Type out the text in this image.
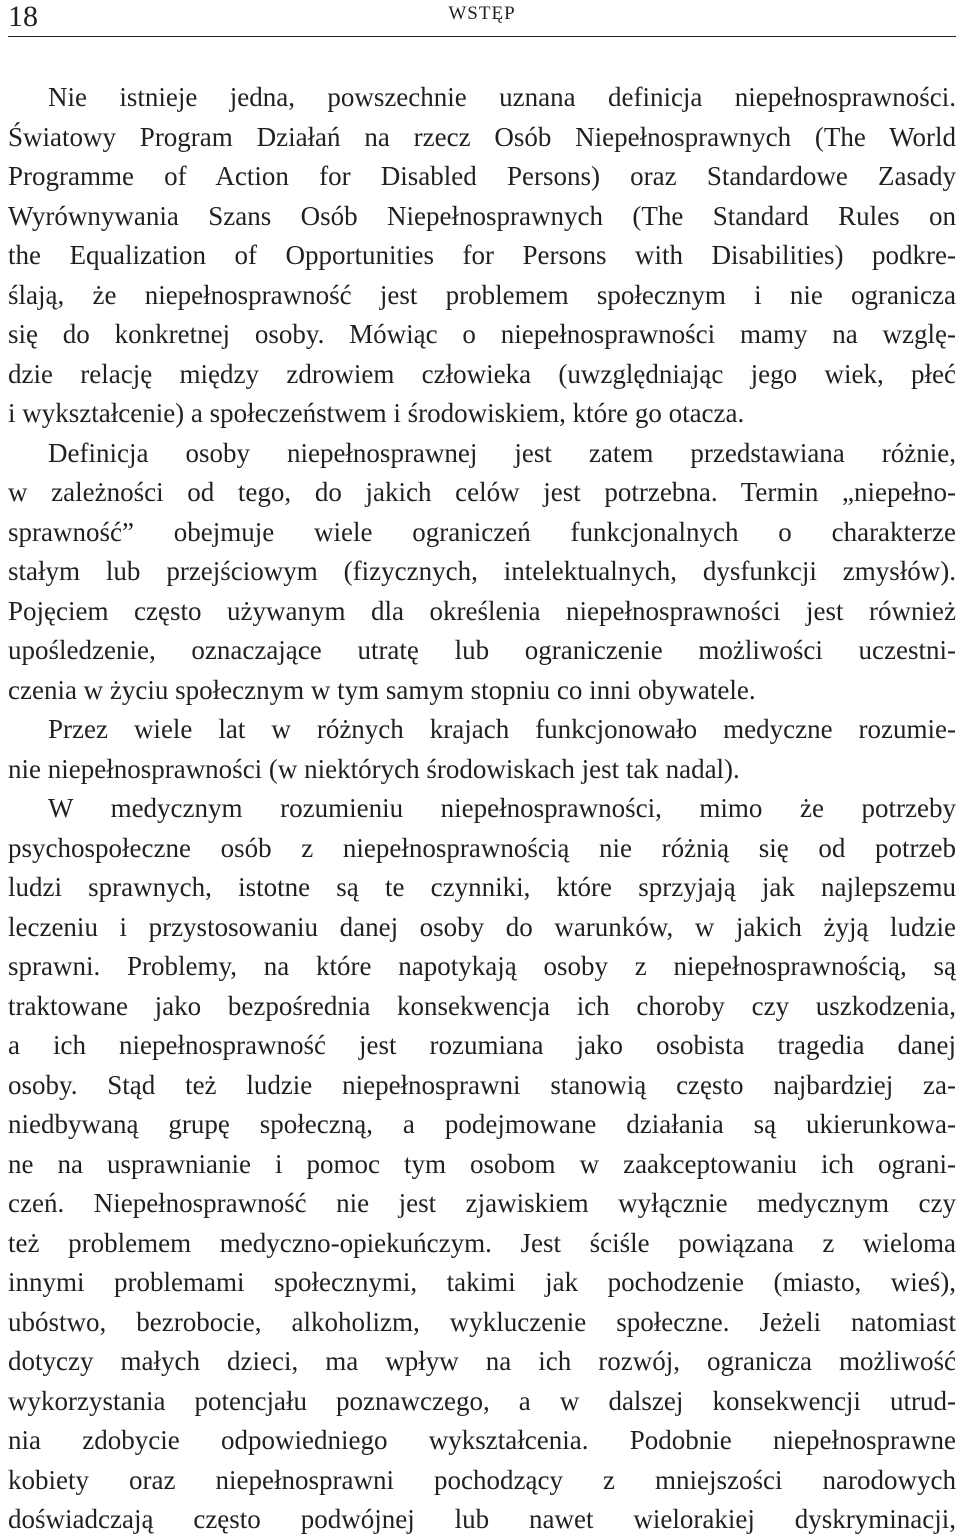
18	WSTĘP
Nie istnieje jedna, powszechnie uznana definicja niepełnosprawności.
Światowy Program Działań na rzecz Osób Niepełnosprawnych (The World
Programme of Action for Disabled Persons) oraz Standardowe Zasady
Wyrównywania Szans Osób Niepełnosprawnych (The Standard Rules on
the Equalization of Opportunities for Persons with Disabilities) podkre-
ślają, że niepełnosprawność jest problemem społecznym i nie ogranicza
się do konkretnej osoby. Mówiąc o niepełnosprawności mamy na wzglę-
dzie relację między zdrowiem człowieka (uwzględniając jego wiek, płeć
i wykształcenie) a społeczeństwem i środowiskiem, które go otacza.
Definicja osoby niepełnosprawnej jest zatem przedstawiana różnie,
w zależności od tego, do jakich celów jest potrzebna. Termin „niepełno-
sprawność” obejmuje wiele ograniczeń funkcjonalnych o charakterze
stałym lub przejściowym (fizycznych, intelektualnych, dysfunkcji zmysłów).
Pojęciem często używanym dla określenia niepełnosprawności jest również
upośledzenie, oznaczające utratę lub ograniczenie możliwości uczestni-
czenia w życiu społecznym w tym samym stopniu co inni obywatele.
Przez wiele lat w różnych krajach funkcjonowało medyczne rozumie-
nie niepełnosprawności (w niektórych środowiskach jest tak nadal).
W medycznym rozumieniu niepełnosprawności, mimo że potrzeby
psychospołeczne osób z niepełnosprawnością nie różnią się od potrzeb
ludzi sprawnych, istotne są te czynniki, które sprzyjają jak najlepszemu
leczeniu i przystosowaniu danej osoby do warunków, w jakich żyją ludzie
sprawni. Problemy, na które napotykają osoby z niepełnosprawnością, są
traktowane jako bezpośrednia konsekwencja ich choroby czy uszkodzenia,
a ich niepełnosprawność jest rozumiana jako osobista tragedia danej
osoby. Stąd też ludzie niepełnosprawni stanowią często najbardziej za-
niedbywaną grupę społeczną, a podejmowane działania są ukierunkowa-
ne na usprawnianie i pomoc tym osobom w zaakceptowaniu ich ograni-
czeń. Niepełnosprawność nie jest zjawiskiem wyłącznie medycznym czy
też problemem medyczno-opiekuńczym. Jest ściśle powiązana z wieloma
innymi problemami społecznymi, takimi jak pochodzenie (miasto, wieś),
ubóstwo, bezrobocie, alkoholizm, wykluczenie społeczne. Jeżeli natomiast
dotyczy małych dzieci, ma wpływ na ich rozwój, ogranicza możliwość
wykorzystania potencjału poznawczego, a w dalszej konsekwencji utrud-
nia zdobycie odpowiedniego wykształcenia. Podobnie niepełnosprawne
kobiety oraz niepełnosprawni pochodzący z mniejszości narodowych
doświadczają często podwójnej lub nawet wielorakiej dyskryminacji,
